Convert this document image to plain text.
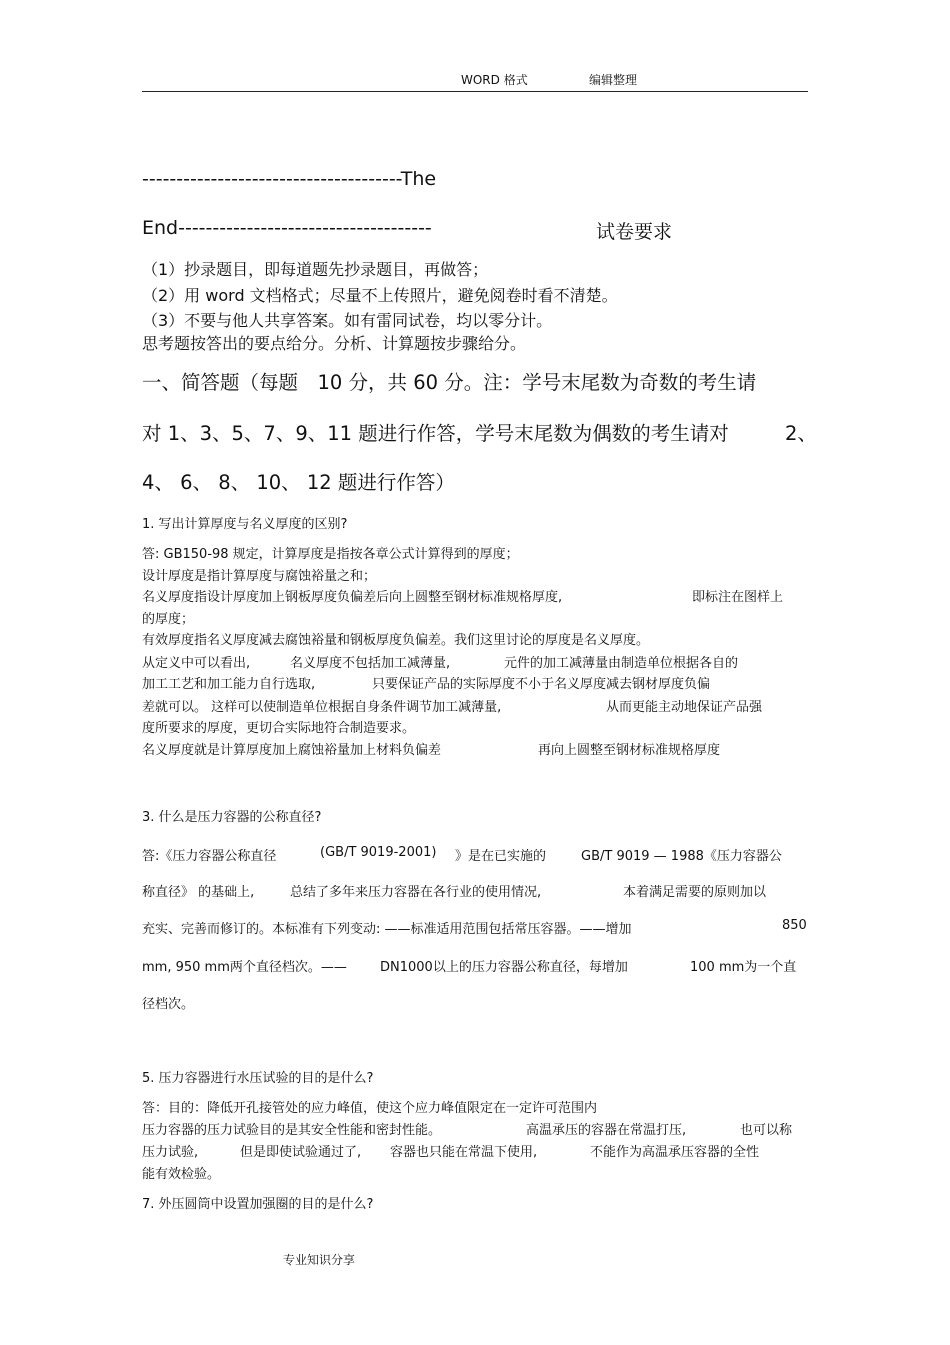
WORD 格式	编辑整理
--------------------------------------The
End-------------------------------------	试卷要求
（1）抄录题目，即每道题先抄录题目，再做答；
（2）用 word 文档格式；尽量不上传照片，避免阅卷时看不清楚。
（3）不要与他人共享答案。如有雷同试卷，均以零分计。
思考题按答出的要点给分。分析、计算题按步骤给分。
一、简答题（每题　10 分，共 60 分。注：学号末尾数为奇数的考生请
对 1、3、5、7、9、11 题进行作答，学号末尾数为偶数的考生请对	2、
4、 6、 8、 10、 12 题进行作答）
1. 写出计算厚度与名义厚度的区别?
答: GB150-98 规定，计算厚度是指按各章公式计算得到的厚度；
设计厚度是指计算厚度与腐蚀裕量之和；
名义厚度指设计厚度加上钢板厚度负偏差后向上圆整至钢材标准规格厚度,	即标注在图样上
的厚度；
有效厚度指名义厚度减去腐蚀裕量和钢板厚度负偏差。我们这里讨论的厚度是名义厚度。
从定义中可以看出,	名义厚度不包括加工减薄量,	元件的加工减薄量由制造单位根据各自的
加工工艺和加工能力自行选取,	只要保证产品的实际厚度不小于名义厚度减去钢材厚度负偏
差就可以。 这样可以使制造单位根据自身条件调节加工减薄量,	从而更能主动地保证产品强
度所要求的厚度，更切合实际地符合制造要求。
名义厚度就是计算厚度加上腐蚀裕量加上材料负偏差	再向上圆整至钢材标准规格厚度
3. 什么是压力容器的公称直径?
答:《压力容器公称直径	(GB/T 9019-2001) 》是在已实施的	GB/T 9019 — 1988《压力容器公
称直径》 的基础上,	总结了多年来压力容器在各行业的使用情况,	本着满足需要的原则加以
充实、完善而修订的。本标准有下列变动: ——标准适用范围包括常压容器。——增加	850
mm, 950 mm两个直径档次。——	DN1000以上的压力容器公称直径，每增加	100 mm为一个直
径档次。
5. 压力容器进行水压试验的目的是什么?
答：目的：降低开孔接管处的应力峰值，使这个应力峰值限定在一定许可范围内
压力容器的压力试验目的是其安全性能和密封性能。	高温承压的容器在常温打压,	也可以称
压力试验,	但是即使试验通过了, 容器也只能在常温下使用,	不能作为高温承压容器的全性
能有效检验。
7. 外压圆筒中设置加强圈的目的是什么?
专业知识分享
